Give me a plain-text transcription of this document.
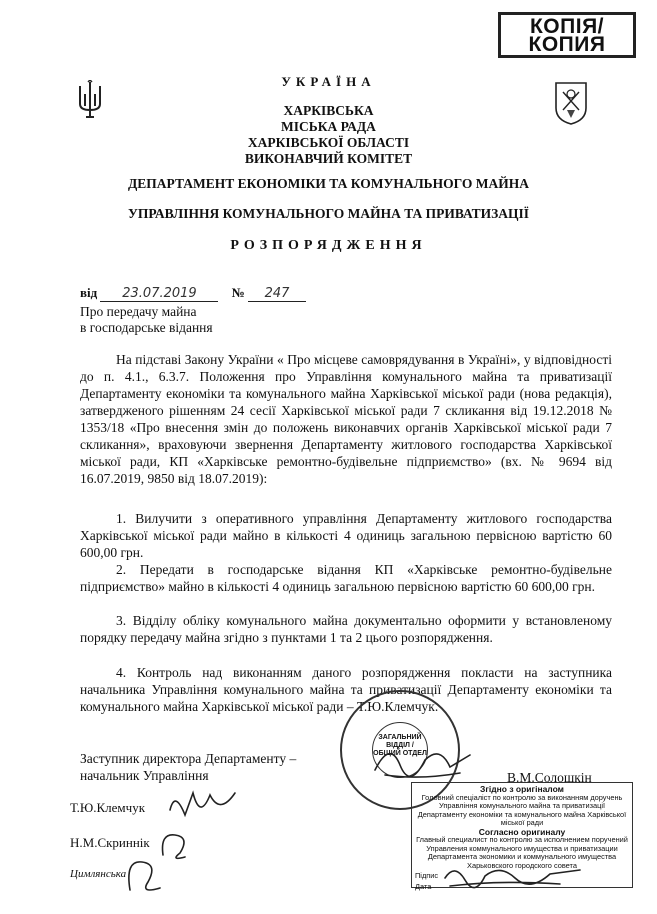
КОПІЯ/
КОПИЯ
УКРАЇНА
ХАРКІВСЬКА
МІСЬКА РАДА
ХАРКІВСЬКОЇ ОБЛАСТІ
ВИКОНАВЧИЙ КОМІТЕТ
ДЕПАРТАМЕНТ ЕКОНОМІКИ ТА КОМУНАЛЬНОГО МАЙНА
УПРАВЛІННЯ КОМУНАЛЬНОГО МАЙНА ТА ПРИВАТИЗАЦІЇ
РОЗПОРЯДЖЕННЯ
від 23.07.2019	№ 247
Про передачу майна
в господарське відання
На підставі Закону України « Про місцеве самоврядування в Україні», у відповідності до п. 4.1., 6.3.7. Положення про Управління комунального майна та приватизації Департаменту економіки та комунального майна Харківської міської ради (нова редакція), затвердженого рішенням 24 сесії Харківської міської ради 7 скликання від 19.12.2018 № 1353/18 «Про внесення змін до положень виконавчих органів Харківської міської ради 7 скликання», враховуючи звернення Департаменту житлового господарства Харківської міської ради, КП «Харківське ремонтно-будівельне підприємство» (вх. № 9694 від 16.07.2019, 9850 від 18.07.2019):
1. Вилучити з оперативного управління Департаменту житлового господарства Харківської міської ради майно в кількості 4 одиниць загальною первісною вартістю 60 600,00 грн.
2. Передати в господарське відання КП «Харківське ремонтно-будівельне підприємство» майно в кількості 4 одиниць загальною первісною вартістю 60 600,00 грн.
3. Відділу обліку комунального майна документально оформити у встановленому порядку передачу майна згідно з пунктами 1 та 2 цього розпорядження.
4. Контроль над виконанням даного розпорядження покласти на заступника начальника Управління комунального майна та приватизації Департаменту економіки та комунального майна Харківської міської ради – Т.Ю.Клемчук.
ЗАГАЛЬНИЙ
ВІДДІЛ /
ОБЩИЙ ОТДЕЛ
Заступник директора Департаменту –
начальник Управління	В.М.Солошкін
Згідно з оригіналом
Головний спеціаліст по контролю за виконанням доручень Управління комунального майна та приватизації Департаменту економіки та комунального майна Харківської міської ради
Согласно оригиналу
Главный специалист по контролю за исполнением поручений Управления коммунального имущества и приватизации Департамента экономики и коммунального имущества Харьковского городского совета
Підпис
Дата
Т.Ю.Клемчук
Н.М.Скриннік
Цимлянська
